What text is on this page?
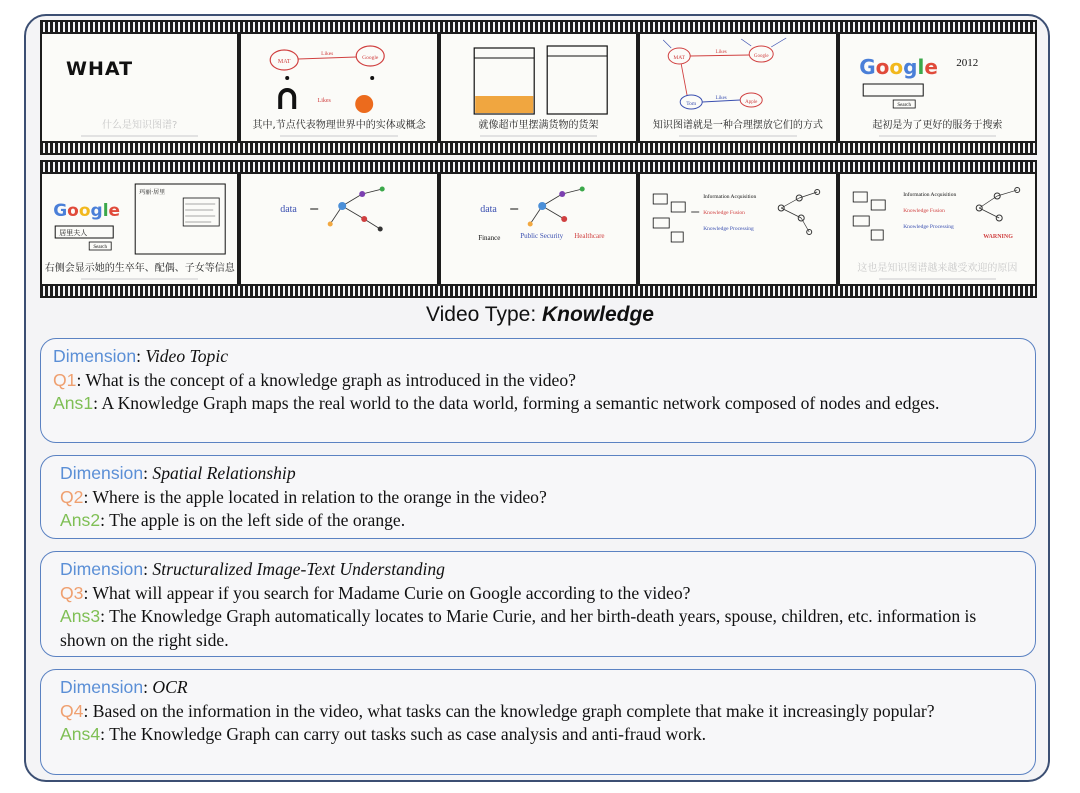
WHAT
什么是知识图谱?
MAT
Likes
Google
Likes
其中,节点代表物理世界中的实体或概念	就像超市里摆满货物的货架
MAT
Likes
Google
Tom
Likes
Apple
知识图谱就是一种合理摆放它们的方式
Google 2012
Search
起初是为了更好的服务于搜索
Google
居里夫人
Search
玛丽·居里
右侧会显示她的生卒年、配偶、子女等信息
data	data
Finance	Public Security Healthcare
Information Acquisition
Knowledge Fusion
Knowledge Processing
Information Acquisition
Knowledge Fusion
Knowledge Processing
WARNING
这也是知识图谱越来越受欢迎的原因
Video Type: Knowledge
Dimension: Video Topic
Q1: What is the concept of a knowledge graph as introduced in the video?
Ans1: A Knowledge Graph maps the real world to the data world, forming a semantic network composed of nodes and edges.
Dimension: Spatial Relationship
Q2: Where is the apple located in relation to the orange in the video?
Ans2: The apple is on the left side of the orange.
Dimension: Structuralized Image-Text Understanding
Q3: What will appear if you search for Madame Curie on Google according to the video?
Ans3: The Knowledge Graph automatically locates to Marie Curie, and her birth-death years, spouse, children, etc. information is shown on the right side.
Dimension: OCR
Q4: Based on the information in the video, what tasks can the knowledge graph complete that make it increasingly popular?
Ans4: The Knowledge Graph can carry out tasks such as case analysis and anti-fraud work.
